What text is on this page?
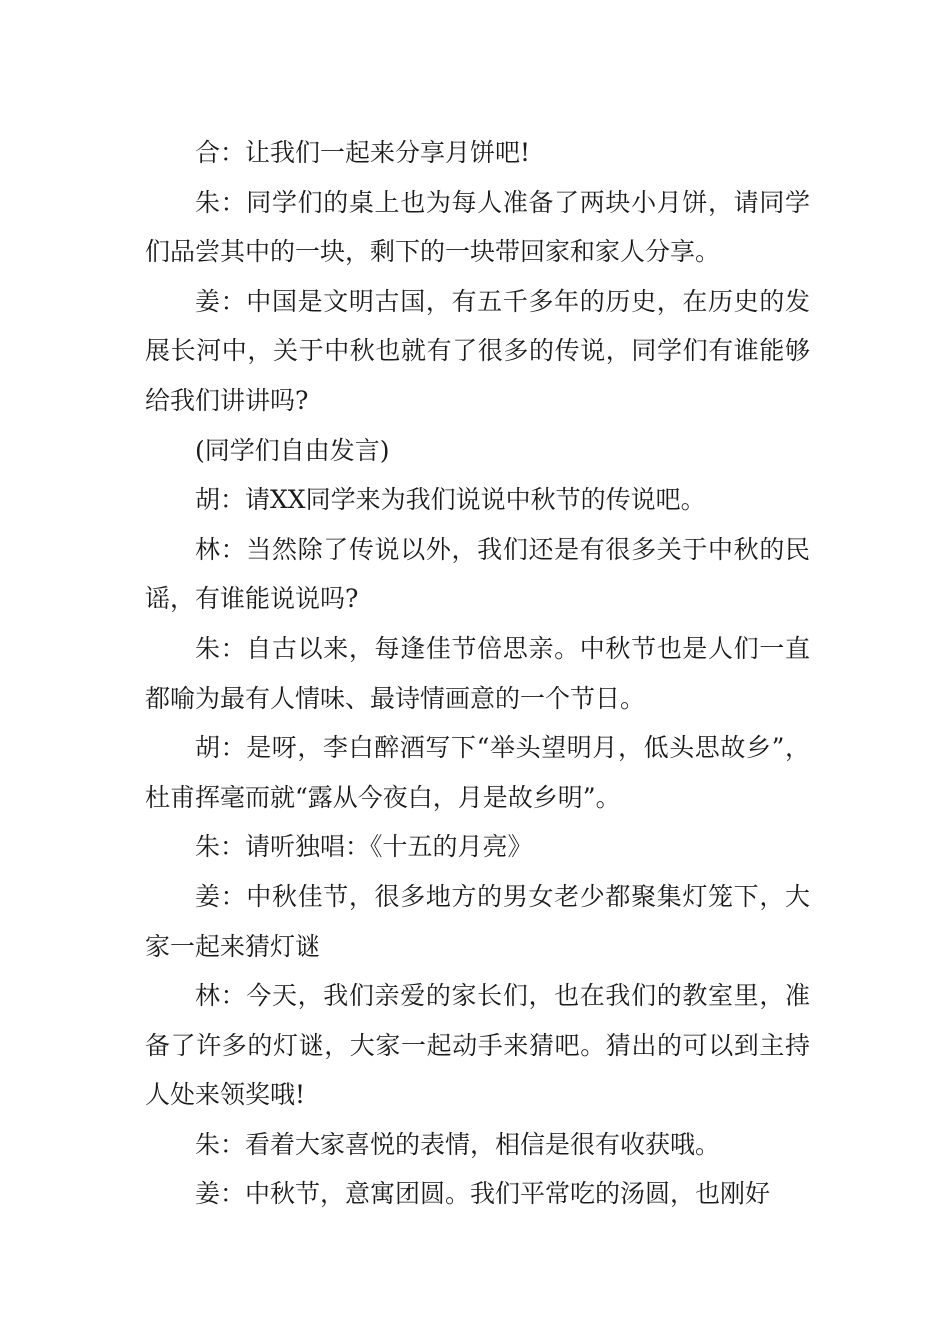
合：让我们一起来分享月饼吧!

朱：同学们的桌上也为每人准备了两块小月饼，请同学们品尝其中的一块，剩下的一块带回家和家人分享。

姜：中国是文明古国，有五千多年的历史，在历史的发展长河中，关于中秋也就有了很多的传说，同学们有谁能够给我们讲讲吗?

(同学们自由发言)

胡：请XX同学来为我们说说中秋节的传说吧。

林：当然除了传说以外，我们还是有很多关于中秋的民谣，有谁能说说吗?

朱：自古以来，每逢佳节倍思亲。中秋节也是人们一直都喻为最有人情味、最诗情画意的一个节日。

胡：是呀，李白醉酒写下“举头望明月，低头思故乡”，杜甫挥毫而就“露从今夜白，月是故乡明”。

朱：请听独唱：《十五的月亮》

姜：中秋佳节，很多地方的男女老少都聚集灯笼下，大家一起来猜灯谜

林：今天，我们亲爱的家长们，也在我们的教室里，准备了许多的灯谜，大家一起动手来猜吧。猜出的可以到主持人处来领奖哦!

朱：看着大家喜悦的表情，相信是很有收获哦。

姜：中秋节，意寓团圆。我们平常吃的汤圆，也刚好
